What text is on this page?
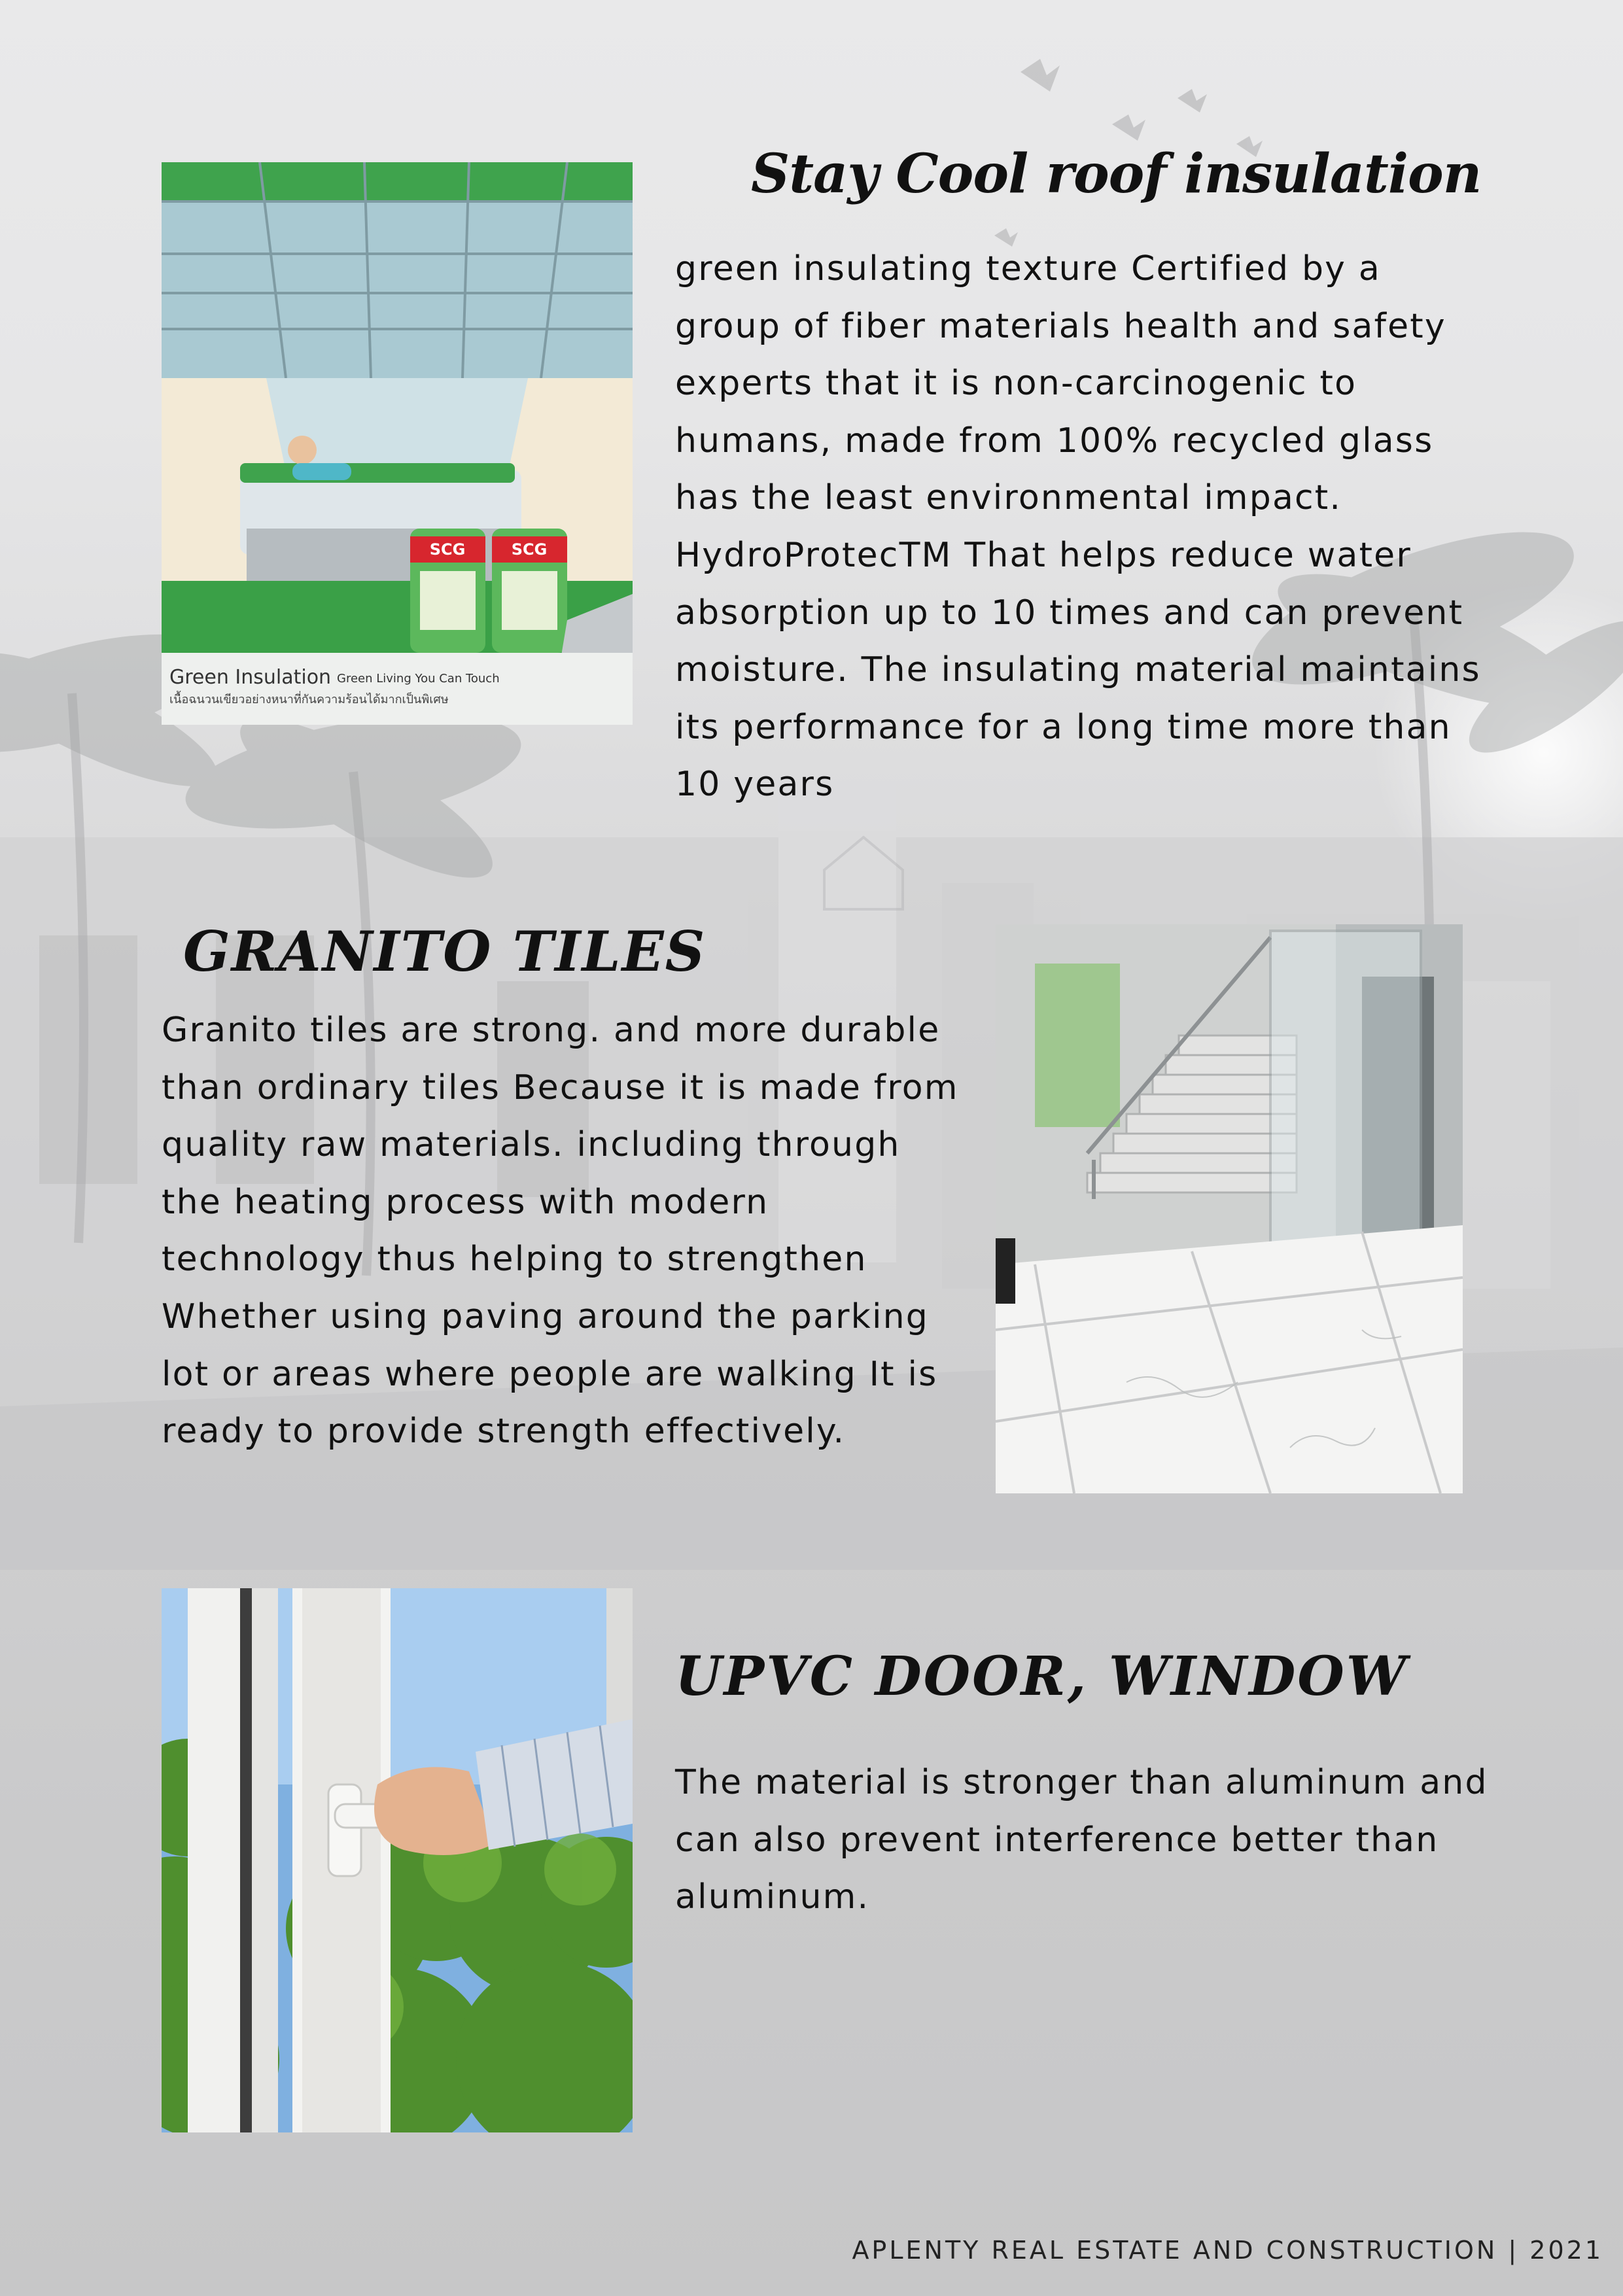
Stay Cool roof insulation
SCG	SCG
Green Insulation Green Living You Can Touch
เนื้อฉนวนเขียวอย่างหนาที่กันความร้อนได้มากเป็นพิเศษ

green insulating texture Certified by a group of fiber materials health and safety experts that it is non-carcinogenic to humans, made from 100% recycled glass has the least environmental impact. HydroProtecTM That helps reduce water absorption up to 10 times and can prevent moisture. The insulating material maintains its performance for a long time more than 10 years

GRANITO TILES

Granito tiles are strong. and more durable than ordinary tiles Because it is made from quality raw materials. including through the heating process with modern technology thus helping to strengthen Whether using paving around the parking lot or areas where people are walking It is ready to provide strength effectively.

UPVC DOOR, WINDOW

The material is stronger than aluminum and can also prevent interference better than aluminum.

APLENTY REAL ESTATE AND CONSTRUCTION | 2021
